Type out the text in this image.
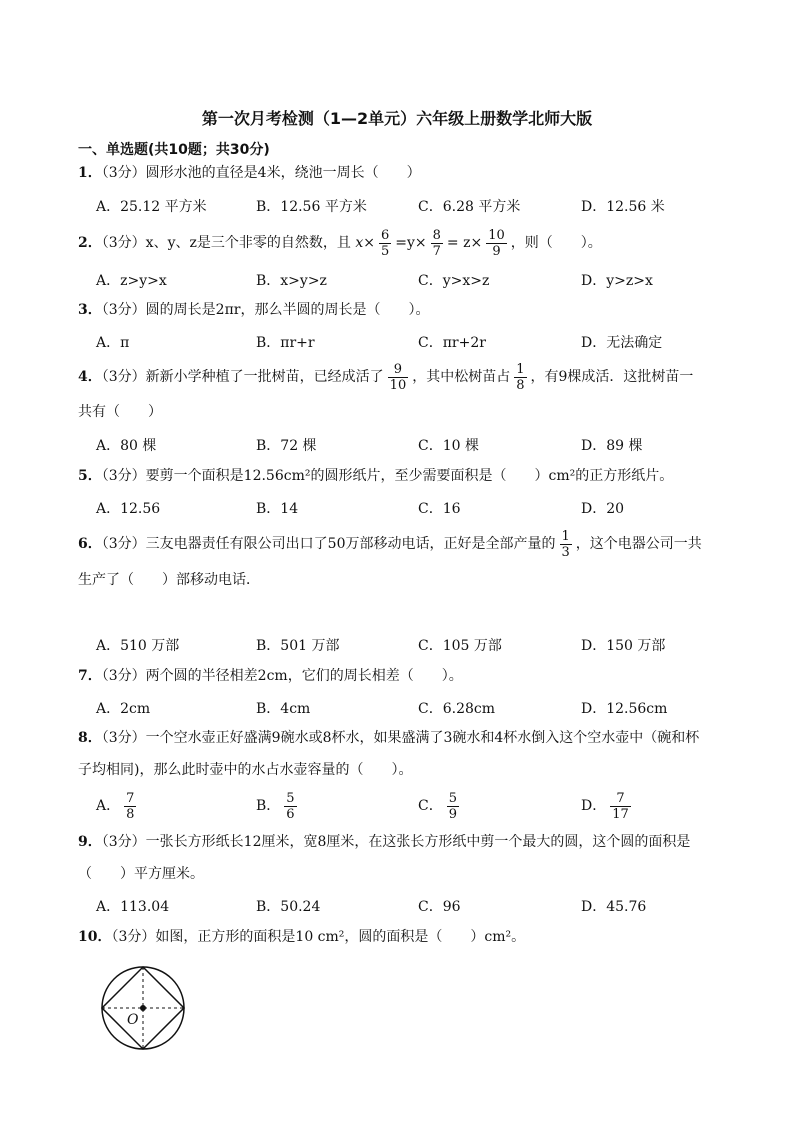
第一次月考检测（1—2单元）六年级上册数学北师大版
一、单选题(共10题；共30分)
1．（3分）圆形水池的直径是4米，绕池一周长（　　）
A．25.12 平方米	B．12.56 平方米	C．6.28 平方米	D．12.56 米
2．（3分）x、y、z是三个非零的自然数，且 $x\times \frac{6}{5} =y\times \frac{8}{7} = z\times \frac{10}{9}$ ，则（　　）。
A．z>y>x	B．x>y>z	C．y>x>z	D．y>z>x
3．（3分）圆的周长是2πr，那么半圆的周长是（　　）。
A．π	B．πr+r	C．πr+2r	D．无法确定
4．（3分）新新小学种植了一批树苗，已经成活了 $\frac{9}{10}$ ，其中松树苗占 $\frac{1}{8}$ ，有9棵成活．这批树苗一
共有（　　）
A．80 棵	B．72 棵	C．10 棵	D．89 棵
5．（3分）要剪一个面积是12.56cm²的圆形纸片，至少需要面积是（　　）cm²的正方形纸片。
A．12.56	B．14	C．16	D．20
6．（3分）三友电器责任有限公司出口了50万部移动电话，正好是全部产量的 $\frac{1}{3}$ ，这个电器公司一共
生产了（　　）部移动电话．
A．510 万部	B．501 万部	C．105 万部	D．150 万部
7．（3分）两个圆的半径相差2cm，它们的周长相差（　　）。
A．2cm	B．4cm	C．6.28cm	D．12.56cm
8．（3分）一个空水壶正好盛满9碗水或8杯水，如果盛满了3碗水和4杯水倒入这个空水壶中（碗和杯
子均相同)，那么此时壶中的水占水壶容量的（　　）。
A． $\frac{7}{8}$	B． $\frac{5}{6}$	C． $\frac{5}{9}$	D． $\frac{7}{17}$
9．（3分）一张长方形纸长12厘米，宽8厘米，在这张长方形纸中剪一个最大的圆，这个圆的面积是
（　　）平方厘米。
A．113.04	B．50.24	C．96	D．45.76
10．（3分）如图，正方形的面积是10 cm²，圆的面积是（　　）cm²。
O
